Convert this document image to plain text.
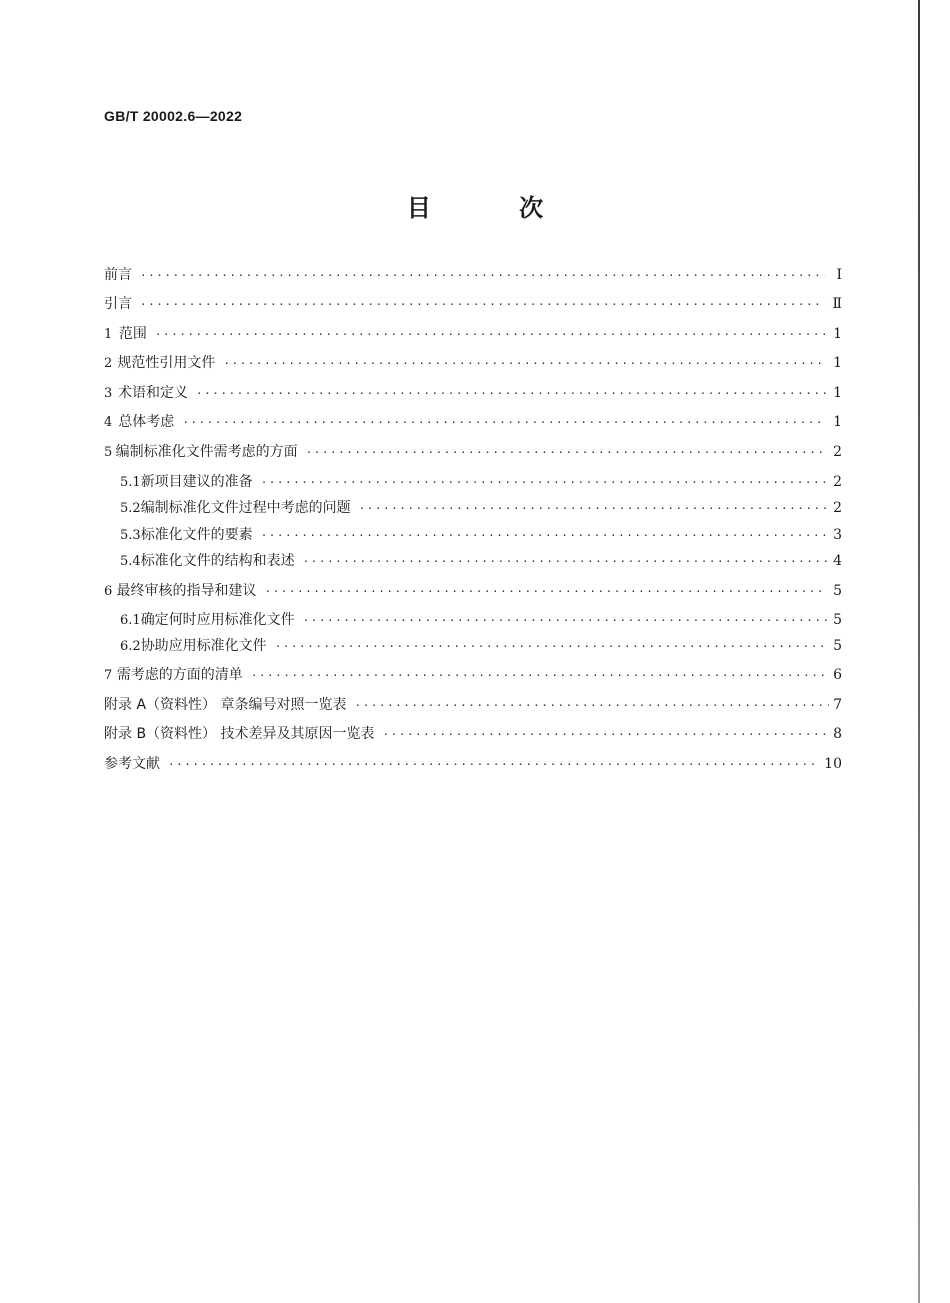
GB/T 20002.6—2022
目 次
前言 ·····	Ⅰ
引言 ·····	Ⅱ
1 范围 ·····	1
2 规范性引用文件 ·····	1
3 术语和定义 ·····	1
4 总体考虑 ·····	1
5 编制标准化文件需考虑的方面 ·····	2
5.1 新项目建议的准备 ·····	2
5.2 编制标准化文件过程中考虑的问题 ·····	2
5.3 标准化文件的要素 ·····	3
5.4 标准化文件的结构和表述 ·····	4
6 最终审核的指导和建议 ·····	5
6.1 确定何时应用标准化文件 ·····	5
6.2 协助应用标准化文件 ·····	5
7 需考虑的方面的清单 ·····	6
附录 A（资料性） 章条编号对照一览表 ·····	7
附录 B（资料性） 技术差异及其原因一览表 ·····	8
参考文献 ·····	10
